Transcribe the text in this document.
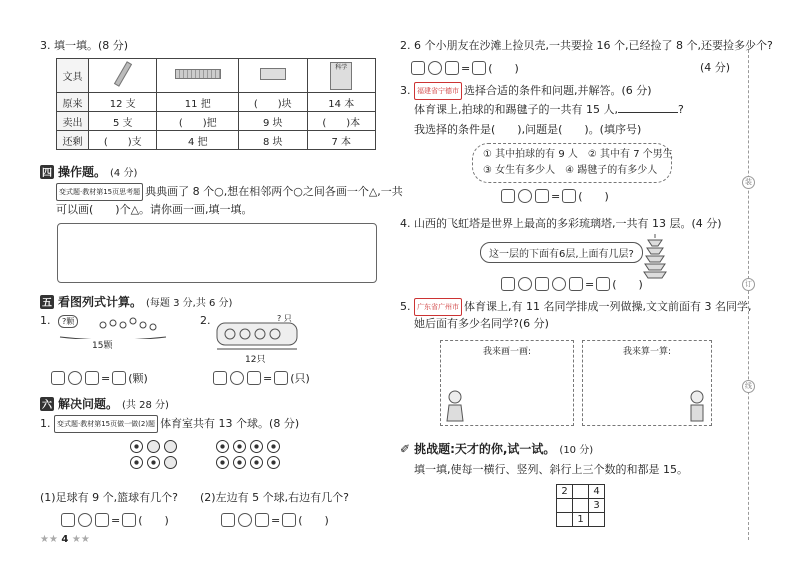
3. 填一填。(8 分)
文具				科学
原来	12 支	11 把	(　　)块	14 本
卖出	5 支	(　　)把	9 块	(　　)本
还剩	(　　)支	4 把	8 块	7 本
四 操作题。 (4 分)
变式题·教材第15页思考题 典典画了 8 个○,想在相邻两个○之间各画一个△,一共
可以画(　　)个△。请你画一画,填一填。
五 看图列式计算。 (每题 3 分,共 6 分)
1.	?颗
15颗
= (颗)
2.	? 只
12只
= (只)
六 解决问题。 (共 28 分)
1. 变式题·教材第15页做一做(2)题 体育室共有 13 个球。(8 分)

(1)足球有 9 个,篮球有几个? (2)左边有 5 个球,右边有几个?
= (　　)	= (　　)
★★ 4 ★★
2. 6 个小朋友在沙滩上捡贝壳,一共要捡 16 个,已经捡了 8 个,还要捡多少个?
= (　　)	(4 分)
3. 福建省宁德市 选择合适的条件和问题,并解答。(6 分)
体育课上,拍球的和踢毽子的一共有 15 人,	?
我选择的条件是(　　),问题是(　　)。(填序号)
① 其中拍球的有 9 人　 ② 其中有 7 个男生
③ 女生有多少人　 ④ 踢毽子的有多少人
= (　　)
4. 山西的飞虹塔是世界上最高的多彩琉璃塔,一共有 13 层。(4 分)
这一层的下面有6层,上面有几层?
= (　　)
5. 广东省广州市 体育课上,有 11 名同学排成一列做操,文文前面有 3 名同学,
她后面有多少名同学?(6 分)
我来画一画:	我来算一算:
✐ 挑战题:天才的你,试一试。 (10 分)
填一填,使每一横行、竖列、斜行上三个数的和都是 15。
2		4
		3
	1	
装
订
线
